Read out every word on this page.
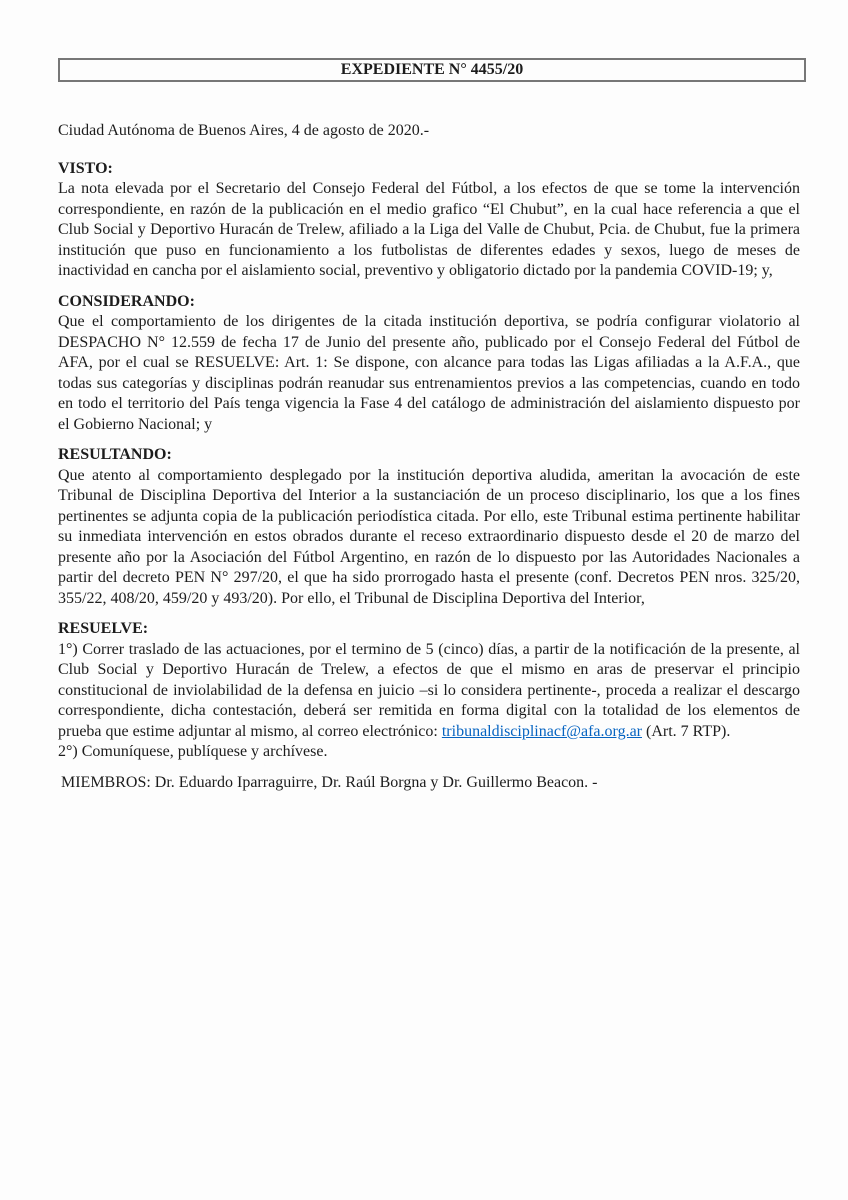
EXPEDIENTE N° 4455/20

Ciudad Autónoma de Buenos Aires, 4 de agosto de 2020.-

VISTO:

La nota elevada por el Secretario del Consejo Federal del Fútbol, a los efectos de que se tome la intervención correspondiente, en razón de la publicación en el medio grafico “El Chubut”, en la cual hace referencia a que el Club Social y Deportivo Huracán de Trelew, afiliado a la Liga del Valle de Chubut, Pcia. de Chubut, fue la primera institución que puso en funcionamiento a los futbolistas de diferentes edades y sexos, luego de meses de inactividad en cancha por el aislamiento social, preventivo y obligatorio dictado por la pandemia COVID-19; y,

CONSIDERANDO:

Que el comportamiento de los dirigentes de la citada institución deportiva, se podría configurar violatorio al DESPACHO N° 12.559 de fecha 17 de Junio del presente año, publicado por el Consejo Federal del Fútbol de AFA, por el cual se RESUELVE: Art. 1: Se dispone, con alcance para todas las Ligas afiliadas a la A.F.A., que todas sus categorías y disciplinas podrán reanudar sus entrenamientos previos a las competencias, cuando en todo en todo el territorio del País tenga vigencia la Fase 4 del catálogo de administración del aislamiento dispuesto por el Gobierno Nacional; y

RESULTANDO:

Que atento al comportamiento desplegado por la institución deportiva aludida, ameritan la avocación de este Tribunal de Disciplina Deportiva del Interior a la sustanciación de un proceso disciplinario, los que a los fines pertinentes se adjunta copia de la publicación periodística citada. Por ello, este Tribunal estima pertinente habilitar su inmediata intervención en estos obrados durante el receso extraordinario dispuesto desde el 20 de marzo del presente año por la Asociación del Fútbol Argentino, en razón de lo dispuesto por las Autoridades Nacionales a partir del decreto PEN N° 297/20, el que ha sido prorrogado hasta el presente (conf. Decretos PEN nros. 325/20, 355/22, 408/20, 459/20 y 493/20). Por ello, el Tribunal de Disciplina Deportiva del Interior,

RESUELVE:

1°) Correr traslado de las actuaciones, por el termino de 5 (cinco) días, a partir de la notificación de la presente, al Club Social y Deportivo Huracán de Trelew, a efectos de que el mismo en aras de preservar el principio constitucional de inviolabilidad de la defensa en juicio –si lo considera pertinente-, proceda a realizar el descargo correspondiente, dicha contestación, deberá ser remitida en forma digital con la totalidad de los elementos de prueba que estime adjuntar al mismo, al correo electrónico: tribunaldisciplinacf@afa.org.ar (Art. 7 RTP).
2°) Comuníquese, publíquese y archívese.

MIEMBROS: Dr. Eduardo Iparraguirre, Dr. Raúl Borgna y Dr. Guillermo Beacon. -
